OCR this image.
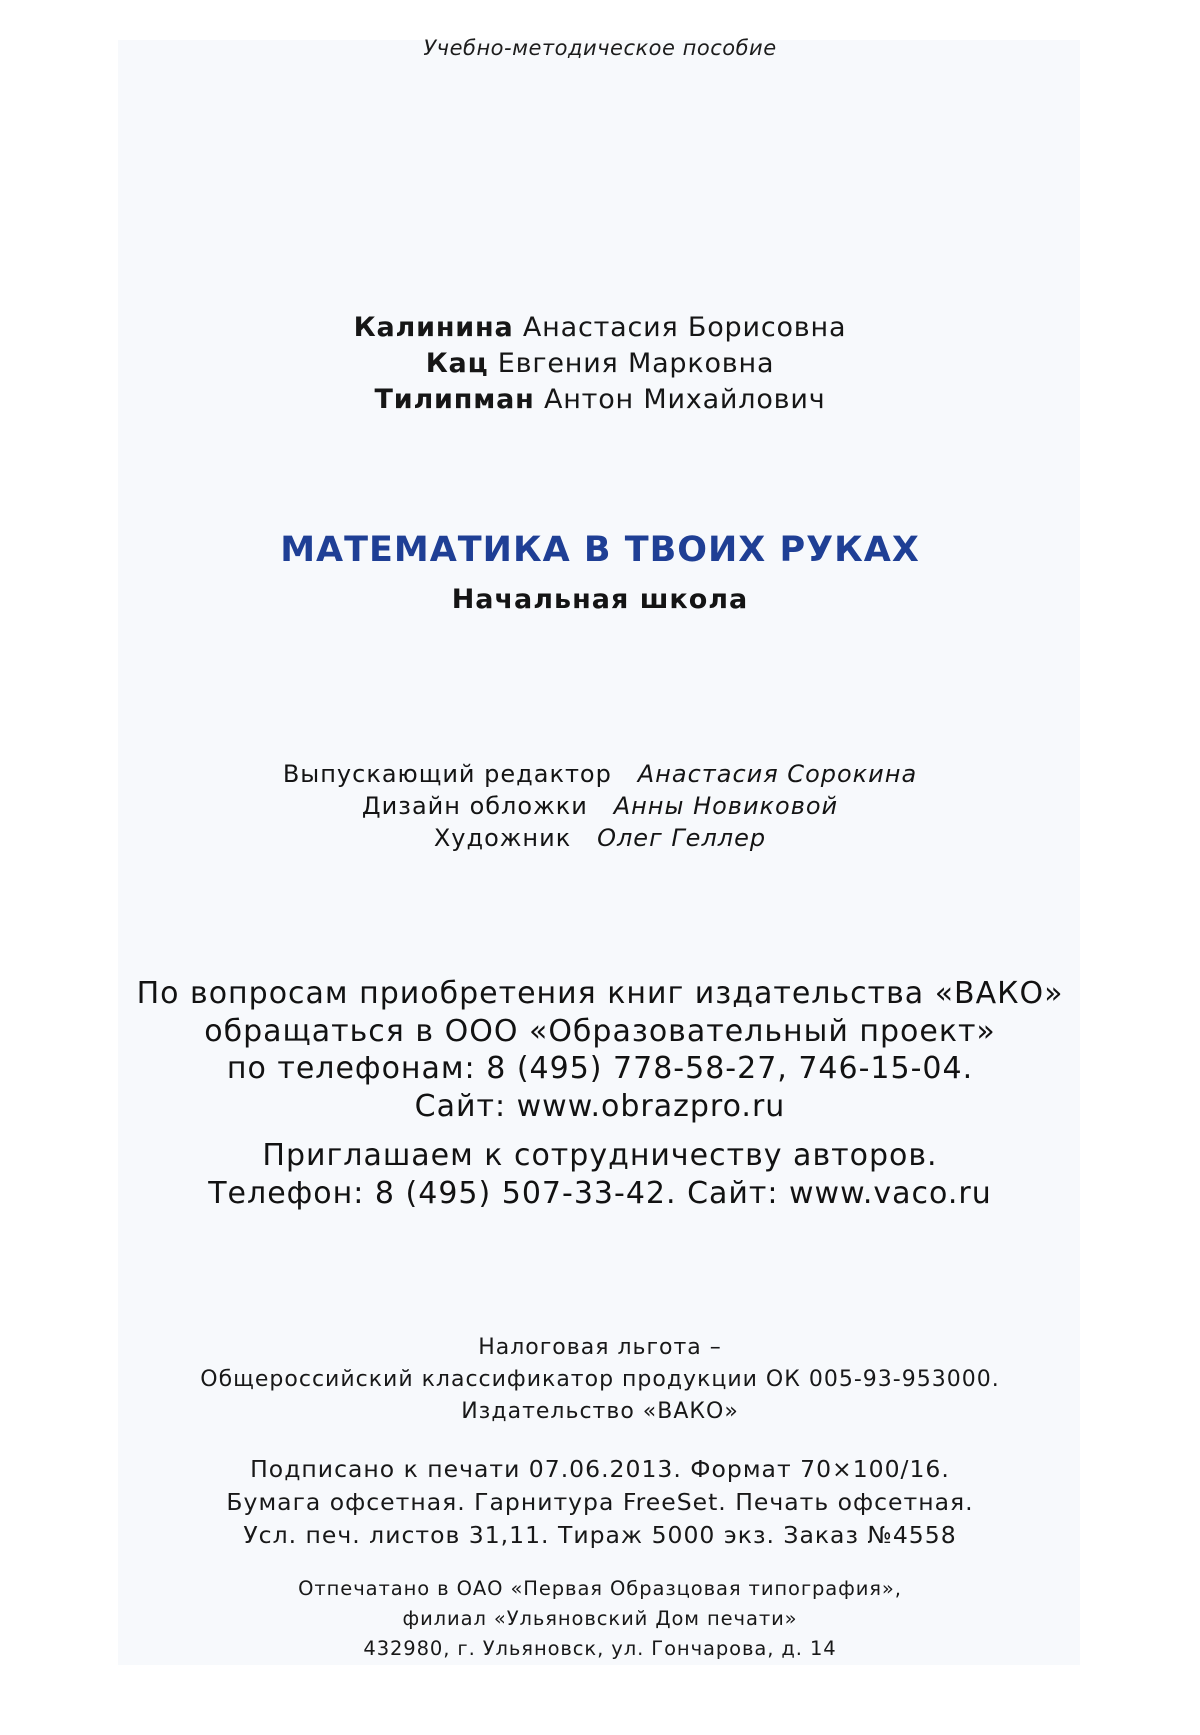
Учебно-методическое пособие
Калинина Анастасия Борисовна
Кац Евгения Марковна
Тилипман Антон Михайлович
МАТЕМАТИКА В ТВОИХ РУКАХ
Начальная школа
Выпускающий редактор Анастасия Сорокина
Дизайн обложки Анны Новиковой
Художник Олег Геллер
По вопросам приобретения книг издательства «ВАКО»
обращаться в ООО «Образовательный проект»
по телефонам: 8 (495) 778-58-27, 746-15-04.
Сайт: www.obrazpro.ru
Приглашаем к сотрудничеству авторов.
Телефон: 8 (495) 507-33-42. Сайт: www.vaco.ru
Налоговая льгота –
Общероссийский классификатор продукции ОК 005-93-953000.
Издательство «ВАКО»
Подписано к печати 07.06.2013. Формат 70×100/16.
Бумага офсетная. Гарнитура FreeSet. Печать офсетная.
Усл. печ. листов 31,11. Тираж 5000 экз. Заказ №4558
Отпечатано в ОАО «Первая Образцовая типография»,
филиал «Ульяновский Дом печати»
432980, г. Ульяновск, ул. Гончарова, д. 14
